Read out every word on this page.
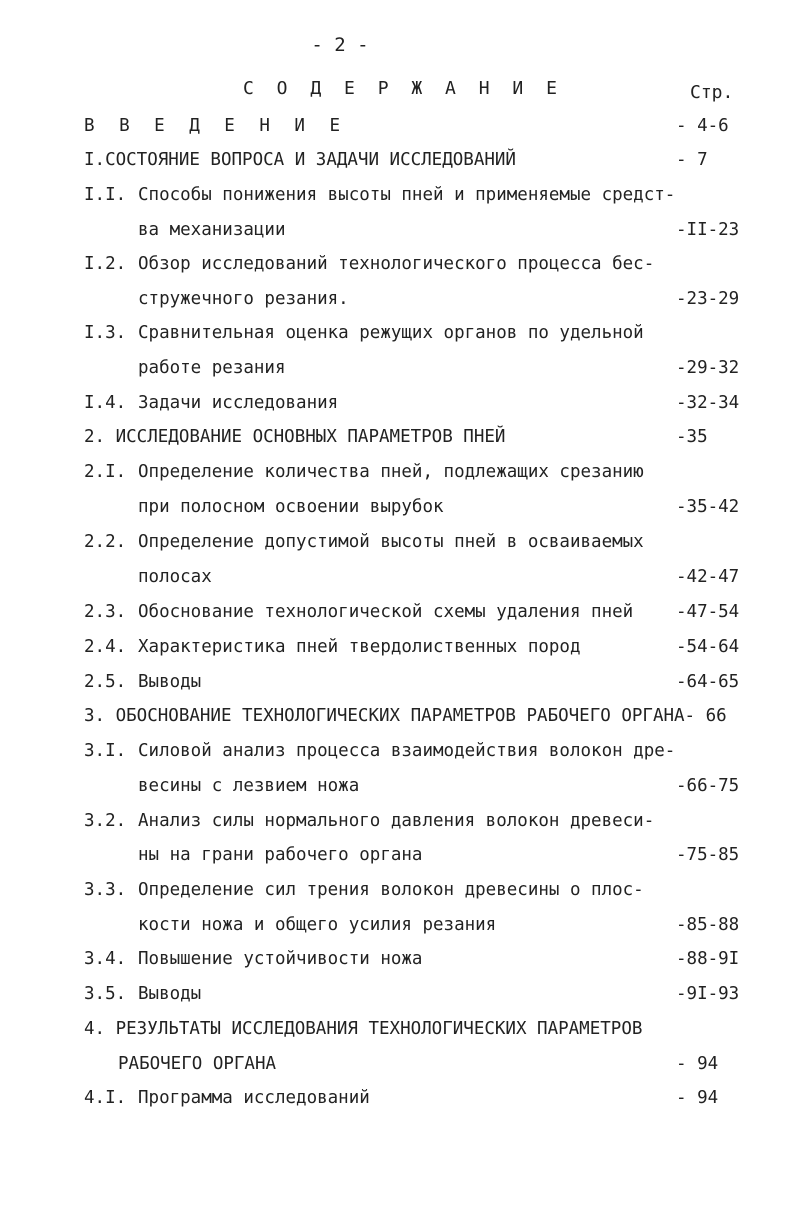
- 2 -
С О Д Е Р Ж А Н И Е	Стр.
В В Е Д Е Н И Е	- 4-6
I.СОСТОЯНИЕ ВОПРОСА И ЗАДАЧИ ИССЛЕДОВАНИЙ	- 7
I.I. Способы понижения высоты пней и применяемые средст-
ва механизации	-II-23
I.2. Обзор исследований технологического процесса бес-
стружечного резания.	-23-29
I.3. Сравнительная оценка режущих органов по удельной
работе резания	-29-32
I.4. Задачи исследования	-32-34
2. ИССЛЕДОВАНИЕ ОСНОВНЫХ ПАРАМЕТРОВ ПНЕЙ	-35
2.I. Определение количества пней, подлежащих срезанию
при полосном освоении вырубок	-35-42
2.2. Определение допустимой высоты пней в осваиваемых
полосах	-42-47
2.3. Обоснование технологической схемы удаления пней -47-54
2.4. Характеристика пней твердолиственных пород	-54-64
2.5. Выводы	-64-65
3. ОБОСНОВАНИЕ ТЕХНОЛОГИЧЕСКИХ ПАРАМЕТРОВ РАБОЧЕГО ОРГАНА- 66
3.I. Силовой анализ процесса взаимодействия волокон дре-
весины с лезвием ножа	-66-75
3.2. Анализ силы нормального давления волокон древеси-
ны на грани рабочего органа	-75-85
3.3. Определение сил трения волокон древесины о плос-
кости ножа и общего усилия резания	-85-88
3.4. Повышение устойчивости ножа	-88-9I
3.5. Выводы	-9I-93
4. РЕЗУЛЬТАТЫ ИССЛЕДОВАНИЯ ТЕХНОЛОГИЧЕСКИХ ПАРАМЕТРОВ
РАБОЧЕГО ОРГАНА	- 94
4.I. Программа исследований	- 94
